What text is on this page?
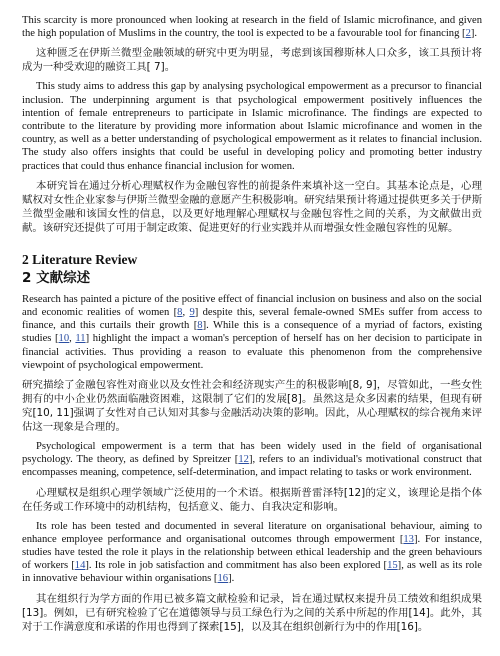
This scarcity is more pronounced when looking at research in the field of Islamic microfinance, and given the high population of Muslims in the country, the tool is expected to be a favourable tool for financing [2].

这种匮乏在伊斯兰微型金融领域的研究中更为明显，考虑到该国穆斯林人口众多，该工具预计将成为一种受欢迎的融资工具[ 7]。

This study aims to address this gap by analysing psychological empowerment as a precursor to financial inclusion. The underpinning argument is that psychological empowerment positively influences the intention of female entrepreneurs to participate in Islamic microfinance. The findings are expected to contribute to the literature by providing more information about Islamic microfinance and women in the country, as well as a better understanding of psychological empowerment as it relates to financial inclusion. The study also offers insights that could be useful in developing policy and promoting better industry practices that could thus enhance financial inclusion for women.

本研究旨在通过分析心理赋权作为金融包容性的前提条件来填补这一空白。其基本论点是，心理赋权对女性企业家参与伊斯兰微型金融的意愿产生积极影响。研究结果预计将通过提供更多关于伊斯兰微型金融和该国女性的信息，以及更好地理解心理赋权与金融包容性之间的关系，为文献做出贡献。该研究还提供了可用于制定政策、促进更好的行业实践并从而增强女性金融包容性的见解。

2 Literature Review
2 文献综述

Research has painted a picture of the positive effect of financial inclusion on business and also on the social and economic realities of women [8, 9] despite this, several female-owned SMEs suffer from access to finance, and this curtails their growth [8]. While this is a consequence of a myriad of factors, existing studies [10, 11] highlight the impact a woman's perception of herself has on her decision to participate in financial activities. Thus providing a reason to evaluate this phenomenon from the comprehensive viewpoint of psychological empowerment.

研究描绘了金融包容性对商业以及女性社会和经济现实产生的积极影响[8, 9]，尽管如此，一些女性拥有的中小企业仍然面临融资困难，这限制了它们的发展[8]。虽然这是众多因素的结果，但现有研究[10, 11]强调了女性对自己认知对其参与金融活动决策的影响。因此，从心理赋权的综合视角来评估这一现象是合理的。

Psychological empowerment is a term that has been widely used in the field of organisational psychology. The theory, as defined by Spreitzer [12], refers to an individual's motivational construct that encompasses meaning, competence, self-determination, and impact relating to tasks or work environment.

心理赋权是组织心理学领域广泛使用的一个术语。根据斯普雷泽特[12]的定义，该理论是指个体在任务或工作环境中的动机结构，包括意义、能力、自我决定和影响。

Its role has been tested and documented in several literature on organisational behaviour, aiming to enhance employee performance and organisational outcomes through empowerment [13]. For instance, studies have tested the role it plays in the relationship between ethical leadership and the green behaviours of workers [14]. Its role in job satisfaction and commitment has also been explored [15], as well as its role in innovative behaviour within organisations [16].

其在组织行为学方面的作用已被多篇文献检验和记录，旨在通过赋权来提升员工绩效和组织成果[13]。例如，已有研究检验了它在道德领导与员工绿色行为之间的关系中所起的作用[14]。此外，其对于工作满意度和承诺的作用也得到了探索[15]，以及其在组织创新行为中的作用[16]。
